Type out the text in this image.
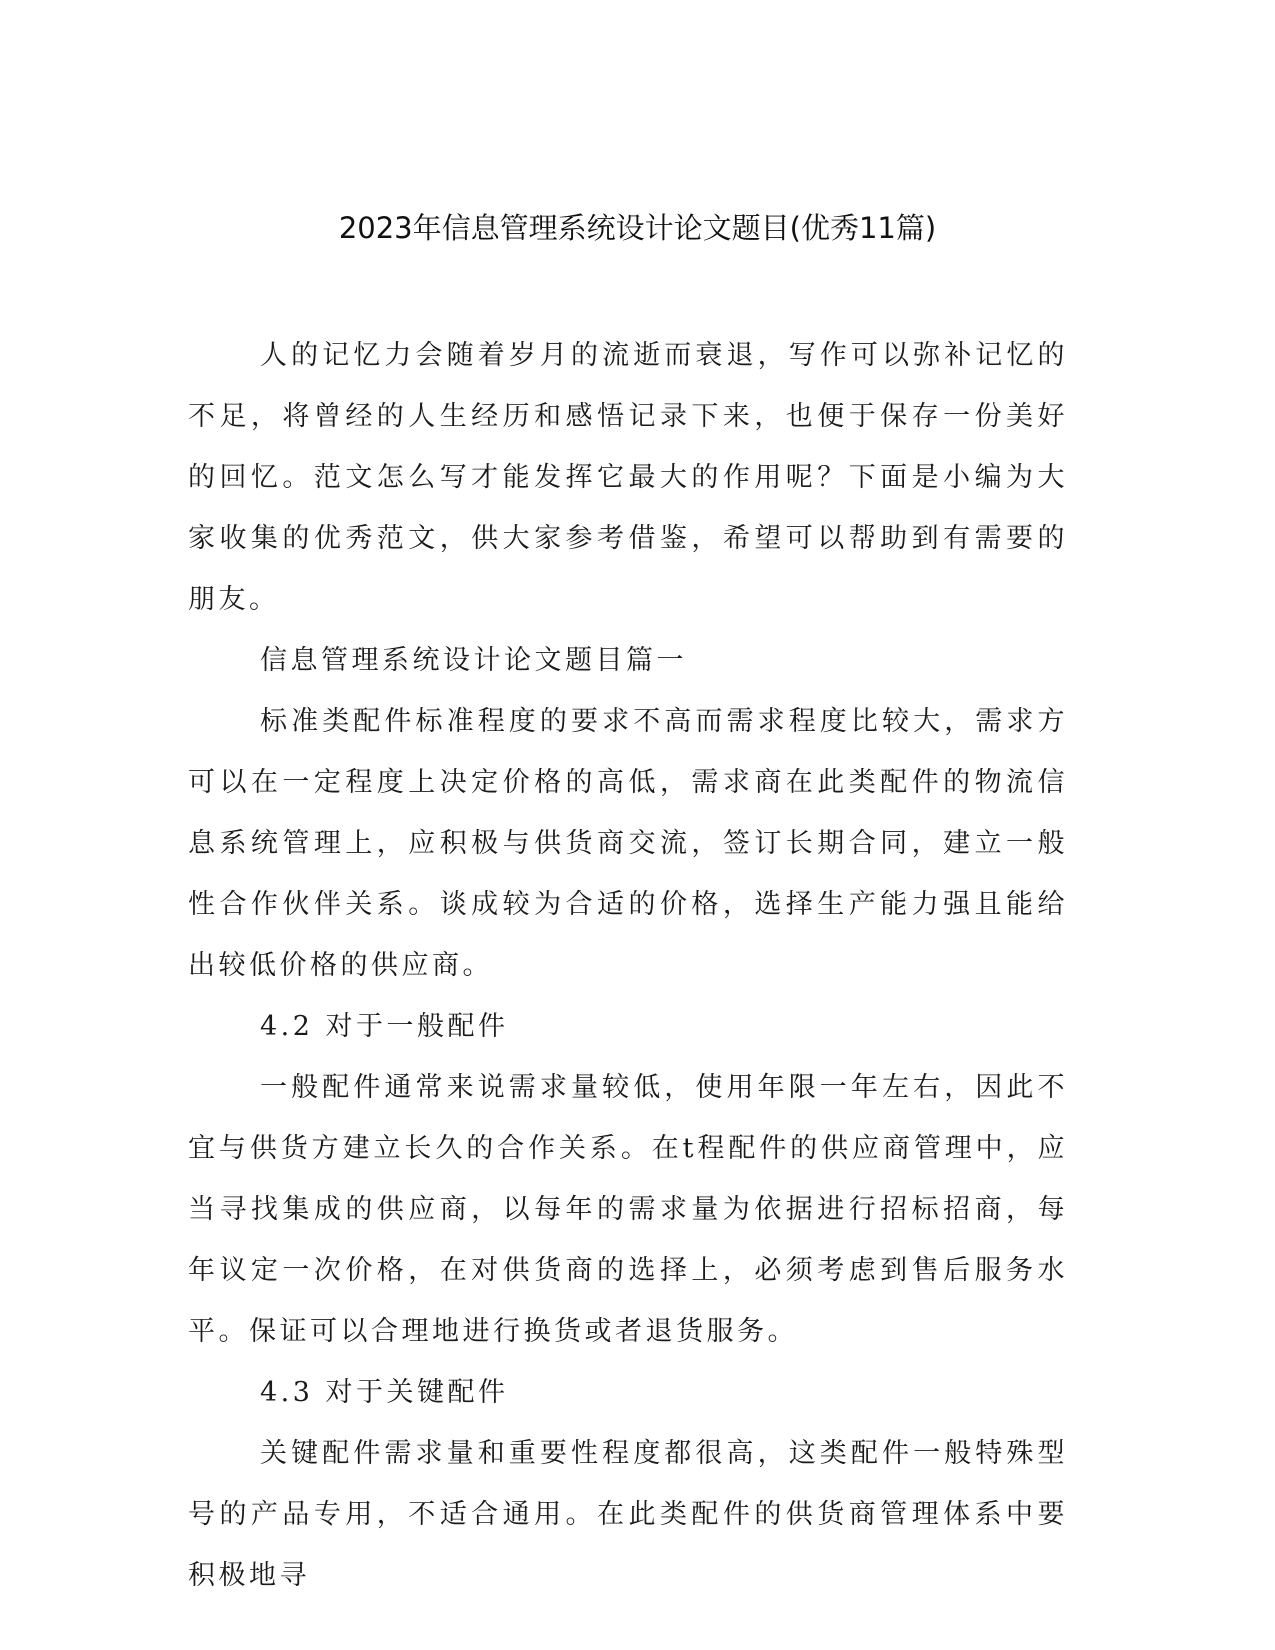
2023年信息管理系统设计论文题目(优秀11篇)

人的记忆力会随着岁月的流逝而衰退，写作可以弥补记忆的不足，将曾经的人生经历和感悟记录下来，也便于保存一份美好的回忆。范文怎么写才能发挥它最大的作用呢？下面是小编为大家收集的优秀范文，供大家参考借鉴，希望可以帮助到有需要的朋友。

信息管理系统设计论文题目篇一

标准类配件标准程度的要求不高而需求程度比较大，需求方可以在一定程度上决定价格的高低，需求商在此类配件的物流信息系统管理上，应积极与供货商交流，签订长期合同，建立一般性合作伙伴关系。谈成较为合适的价格，选择生产能力强且能给出较低价格的供应商。

4.2 对于一般配件

一般配件通常来说需求量较低，使用年限一年左右，因此不宜与供货方建立长久的合作关系。在t程配件的供应商管理中，应当寻找集成的供应商，以每年的需求量为依据进行招标招商，每年议定一次价格，在对供货商的选择上，必须考虑到售后服务水平。保证可以合理地进行换货或者退货服务。

4.3 对于关键配件

关键配件需求量和重要性程度都很高，这类配件一般特殊型号的产品专用，不适合通用。在此类配件的供货商管理体系中要积极地寻
